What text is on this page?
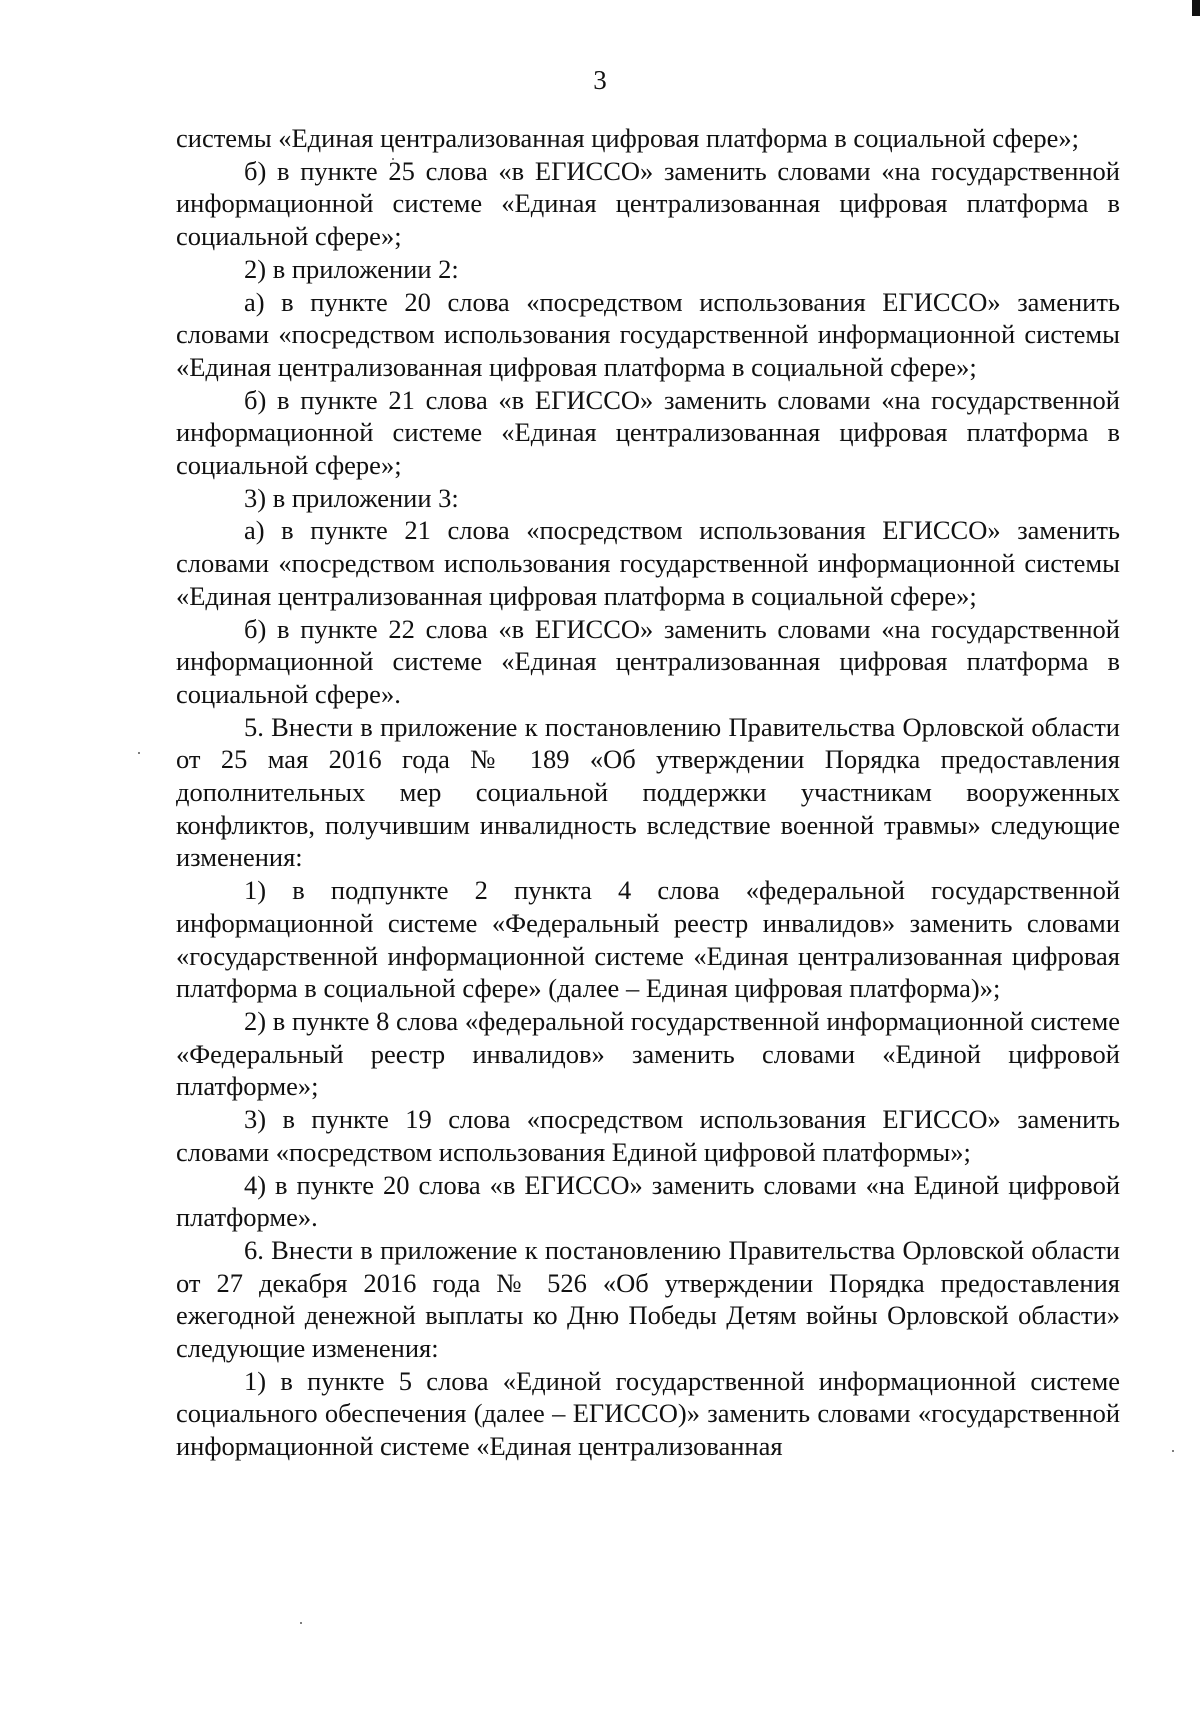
3

системы «Единая централизованная цифровая платформа в социальной сфере»;

б) в пункте 25 слова «в ЕГИССО» заменить словами «на государственной информационной системе «Единая централизованная цифровая платформа в социальной сфере»;

2) в приложении 2:

а) в пункте 20 слова «посредством использования ЕГИССО» заменить словами «посредством использования государственной информационной системы «Единая централизованная цифровая платформа в социальной сфере»;

б) в пункте 21 слова «в ЕГИССО» заменить словами «на государственной информационной системе «Единая централизованная цифровая платформа в социальной сфере»;

3) в приложении 3:

а) в пункте 21 слова «посредством использования ЕГИССО» заменить словами «посредством использования государственной информационной системы «Единая централизованная цифровая платформа в социальной сфере»;

б) в пункте 22 слова «в ЕГИССО» заменить словами «на государственной информационной системе «Единая централизованная цифровая платформа в социальной сфере».

5. Внести в приложение к постановлению Правительства Орловской области от 25 мая 2016 года № 189 «Об утверждении Порядка предоставления дополнительных мер социальной поддержки участникам вооруженных конфликтов, получившим инвалидность вследствие военной травмы» следующие изменения:

1) в подпункте 2 пункта 4 слова «федеральной государственной информационной системе «Федеральный реестр инвалидов» заменить словами «государственной информационной системе «Единая централизованная цифровая платформа в социальной сфере» (далее – Единая цифровая платформа)»;

2) в пункте 8 слова «федеральной государственной информационной системе «Федеральный реестр инвалидов» заменить словами «Единой цифровой платформе»;

3) в пункте 19 слова «посредством использования ЕГИССО» заменить словами «посредством использования Единой цифровой платформы»;

4) в пункте 20 слова «в ЕГИССО» заменить словами «на Единой цифровой платформе».

6. Внести в приложение к постановлению Правительства Орловской области от 27 декабря 2016 года № 526 «Об утверждении Порядка предоставления ежегодной денежной выплаты ко Дню Победы Детям войны Орловской области» следующие изменения:

1) в пункте 5 слова «Единой государственной информационной системе социального обеспечения (далее – ЕГИССО)» заменить словами «государственной информационной системе «Единая централизованная
